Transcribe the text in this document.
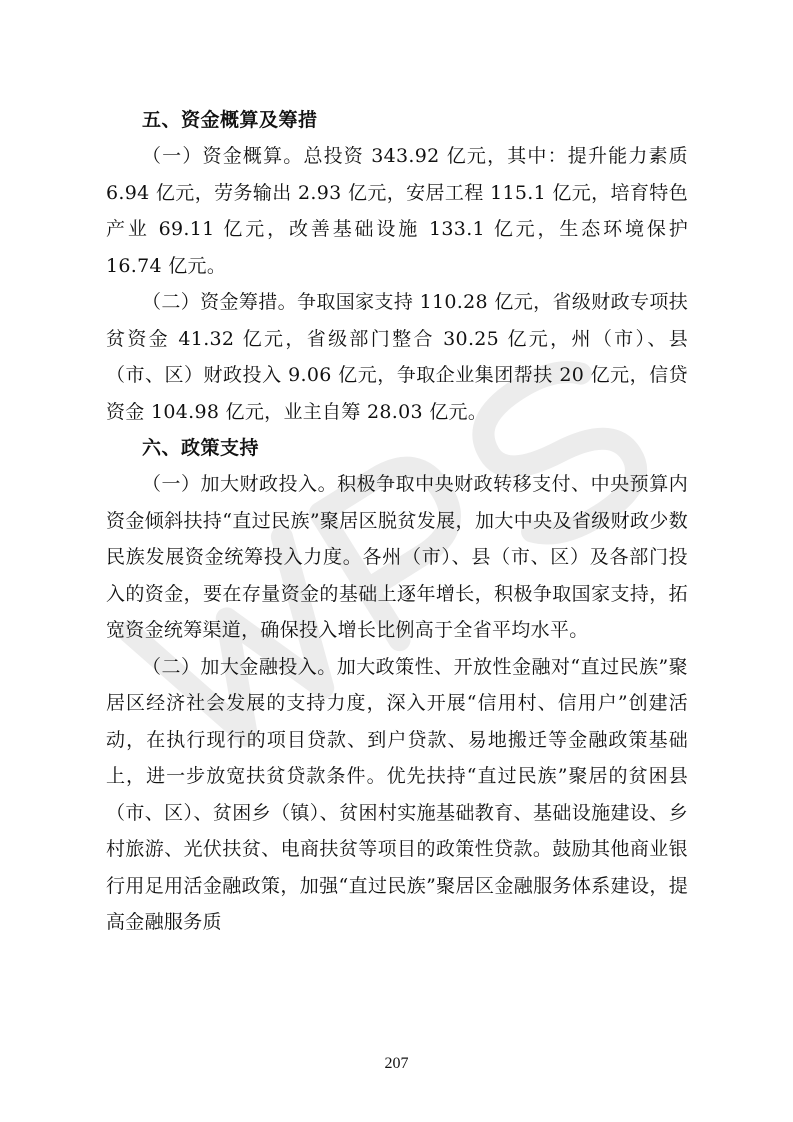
五、资金概算及筹措

（一）资金概算。总投资 343.92 亿元，其中：提升能力素质 6.94 亿元，劳务输出 2.93 亿元，安居工程 115.1 亿元，培育特色产业 69.11 亿元，改善基础设施 133.1 亿元，生态环境保护 16.74 亿元。

（二）资金筹措。争取国家支持 110.28 亿元，省级财政专项扶贫资金 41.32 亿元，省级部门整合 30.25 亿元，州（市）、县（市、区）财政投入 9.06 亿元，争取企业集团帮扶 20 亿元，信贷资金 104.98 亿元，业主自筹 28.03 亿元。

六、政策支持

（一）加大财政投入。积极争取中央财政转移支付、中央预算内资金倾斜扶持“直过民族”聚居区脱贫发展，加大中央及省级财政少数民族发展资金统筹投入力度。各州（市）、县（市、区）及各部门投入的资金，要在存量资金的基础上逐年增长，积极争取国家支持，拓宽资金统筹渠道，确保投入增长比例高于全省平均水平。

（二）加大金融投入。加大政策性、开放性金融对“直过民族”聚居区经济社会发展的支持力度，深入开展“信用村、信用户”创建活动，在执行现行的项目贷款、到户贷款、易地搬迁等金融政策基础上，进一步放宽扶贫贷款条件。优先扶持“直过民族”聚居的贫困县（市、区）、贫困乡（镇）、贫困村实施基础教育、基础设施建设、乡村旅游、光伏扶贫、电商扶贫等项目的政策性贷款。鼓励其他商业银行用足用活金融政策，加强“直过民族”聚居区金融服务体系建设，提高金融服务质

207
